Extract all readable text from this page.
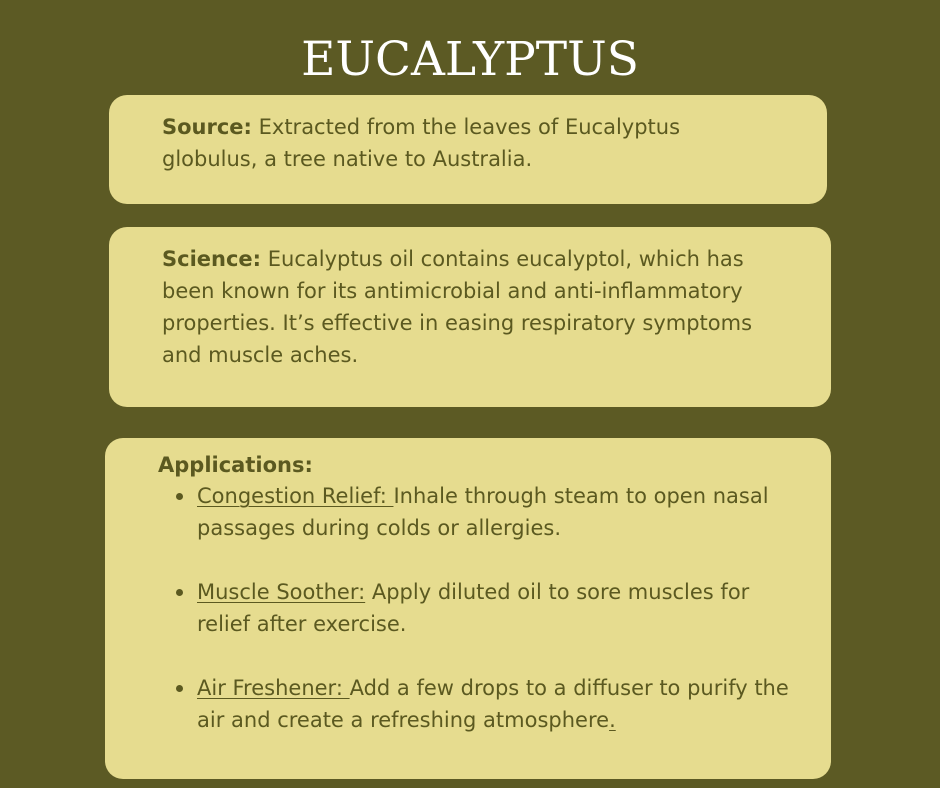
EUCALYPTUS
Source: Extracted from the leaves of Eucalyptus globulus, a tree native to Australia.
Science: Eucalyptus oil contains eucalyptol, which has been known for its antimicrobial and anti-inflammatory properties. It’s effective in easing respiratory symptoms and muscle aches.
Applications:
Congestion Relief: Inhale through steam to open nasal passages during colds or allergies.
Muscle Soother: Apply diluted oil to sore muscles for relief after exercise.
Air Freshener: Add a few drops to a diffuser to purify the air and create a refreshing atmosphere.
